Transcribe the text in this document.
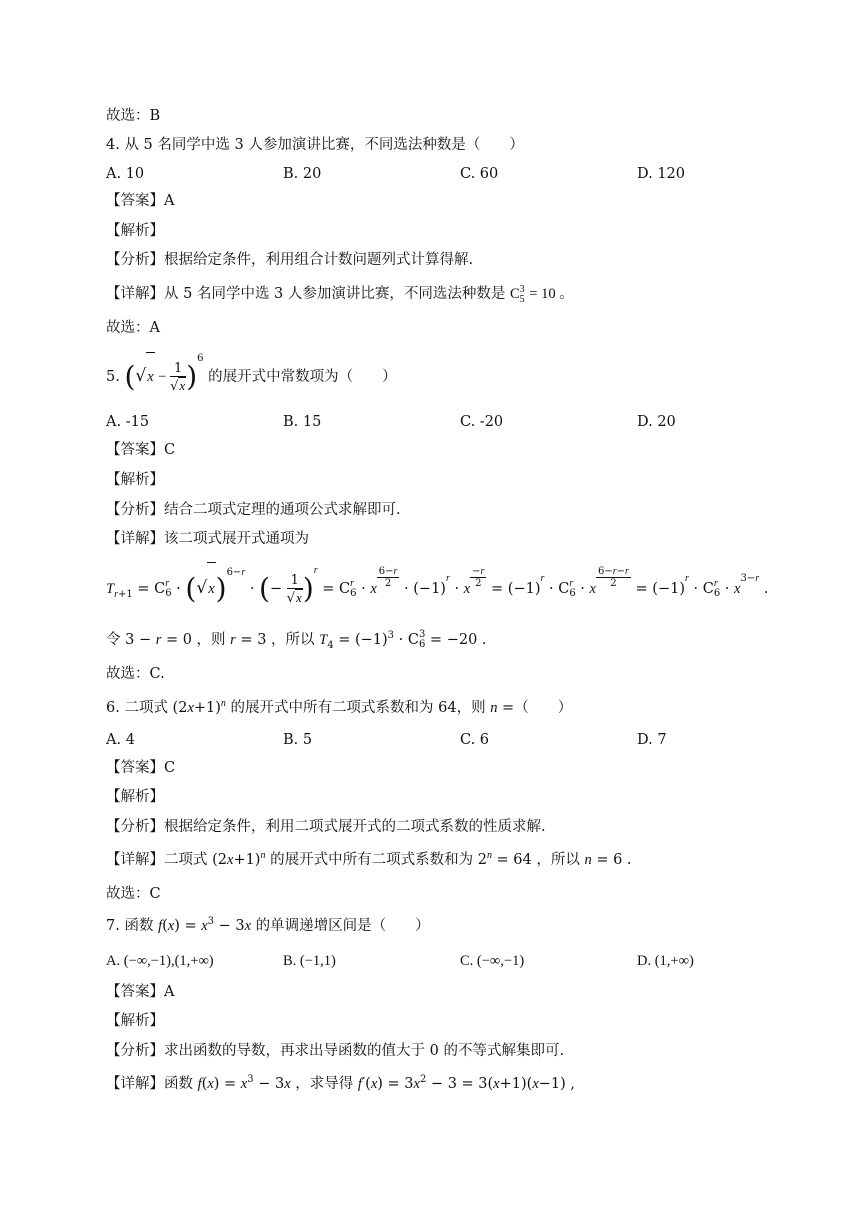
故选：B
4. 从 5 名同学中选 3 人参加演讲比赛，不同选法种数是（　　）
A. 10	B. 20	C. 60	D. 120
【答案】A
【解析】
【分析】根据给定条件，利用组合计数问题列式计算得解.
【详解】从 5 名同学中选 3 人参加演讲比赛，不同选法种数是 C 3
5 = 10 。
故选：A
5. $(√x - \frac{1}{√x} )^6$ 的展开式中常数项为（　　）
A. -15	B. 15	C. -20	D. 20
【答案】C
【解析】
【分析】结合二项式定理的通项公式求解即可.
【详解】该二项式展开式通项为
$T_{r+1} = C$ r
$6 \cdot (√x)^{6-r}$ · (− $\frac{1}{√x} )^r = C$ r
6 · x
$\frac{6-r}{2}$
· $(-1)^r \cdot x$
$\frac{-r}{2}$
= $(-1)^r \cdot C$ r
6 · x
$\frac{6-r-r}{2}$
= $(-1)^r \cdot C$ r
$6 \cdot x^{3-r}$ .
令 3 − r = 0 ，则 r = 3 ，所以 $T_4 = (-1)^3 \cdot C$ 3
6 = −20 .
故选：C.
6. 二项式 $(2x+1)^n$ 的展开式中所有二项式系数和为 64，则 n =（　　）
A. 4	B. 5	C. 6	D. 7
【答案】C
【解析】
【分析】根据给定条件，利用二项式展开式的二项式系数的性质求解.
【详解】二项式 $(2x+1)^n$ 的展开式中所有二项式系数和为 $2^n = 64$ ，所以 n = 6 .
故选：C
7. 函数 $f(x) = x^3 - 3x$ 的单调递增区间是（　　）
A. (−∞,−1),(1,+∞)	B. (−1,1)	C. (−∞,−1)	D. (1,+∞)
【答案】A
【解析】
【分析】求出函数的导数，再求出导函数的值大于 0 的不等式解集即可.
【详解】函数 $f(x) = x^3 - 3x$ ，求导得 $f'(x) = 3x^2 - 3 = 3(x+1)(x-1)$ ,
